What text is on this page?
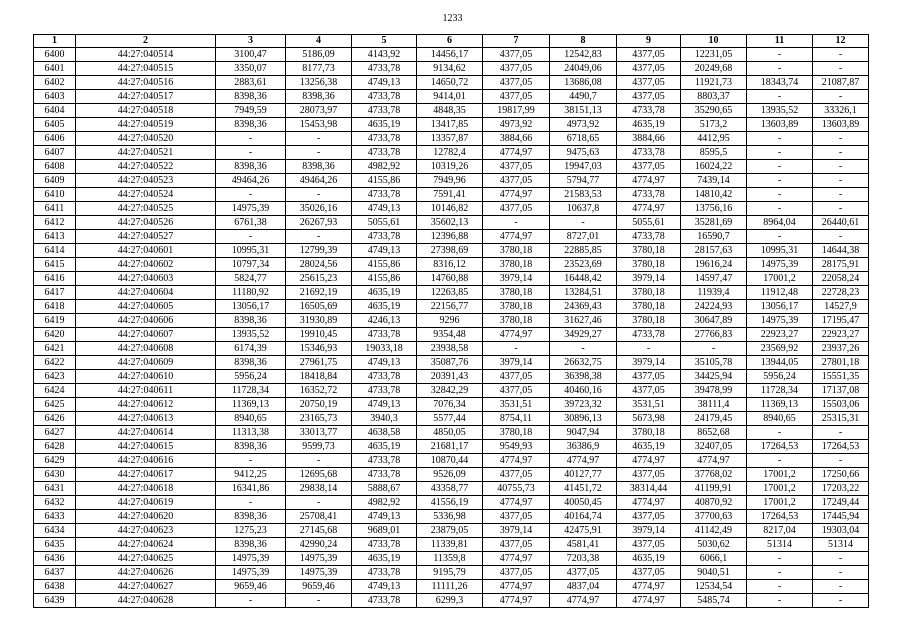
1233
1	2	3	4	5	6	7	8	9	10	11	12
6400	44:27:040514	3100,47	5186,09	4143,92	14456,17	4377,05	12542,83	4377,05	12231,05	-	-
6401	44:27:040515	3350,07	8177,73	4733,78	9134,62	4377,05	24049,06	4377,05	20249,68	-	-
6402	44:27:040516	2883,61	13256,38	4749,13	14650,72	4377,05	13686,08	4377,05	11921,73	18343,74	21087,87
6403	44:27:040517	8398,36	8398,36	4733,78	9414,01	4377,05	4490,7	4377,05	8803,37	-	-
6404	44:27:040518	7949,59	28073,97	4733,78	4848,35	19817,99	38151,13	4733,78	35290,65	13935,52	33326,1
6405	44:27:040519	8398,36	15453,98	4635,19	13417,85	4973,92	4973,92	4635,19	5173,2	13603,89	13603,89
6406	44:27:040520	-	-	4733,78	13357,87	3884,66	6718,65	3884,66	4412,95	-	-
6407	44:27:040521	-	-	4733,78	12782,4	4774,97	9475,63	4733,78	8595,5	-	-
6408	44:27:040522	8398,36	8398,36	4982,92	10319,26	4377,05	19947,03	4377,05	16024,22	-	-
6409	44:27:040523	49464,26	49464,26	4155,86	7949,96	4377,05	5794,77	4774,97	7439,14	-	-
6410	44:27:040524	-	-	4733,78	7591,41	4774,97	21583,53	4733,78	14810,42	-	-
6411	44:27:040525	14975,39	35026,16	4749,13	10146,82	4377,05	10637,8	4774,97	13756,16	-	-
6412	44:27:040526	6761,38	26267,93	5055,61	35602,13	-	-	5055,61	35281,69	8964,04	26440,61
6413	44:27:040527	-	-	4733,78	12396,88	4774,97	8727,01	4733,78	16590,7	-	-
6414	44:27:040601	10995,31	12799,39	4749,13	27398,69	3780,18	22885,85	3780,18	28157,63	10995,31	14644,38
6415	44:27:040602	10797,34	28024,56	4155,86	8316,12	3780,18	23523,69	3780,18	19616,24	14975,39	28175,91
6416	44:27:040603	5824,77	25615,23	4155,86	14760,88	3979,14	16448,42	3979,14	14597,47	17001,2	22058,24
6417	44:27:040604	11180,92	21692,19	4635,19	12263,85	3780,18	13284,51	3780,18	11939,4	11912,48	22728,23
6418	44:27:040605	13056,17	16505,69	4635,19	22156,77	3780,18	24369,43	3780,18	24224,93	13056,17	14527,9
6419	44:27:040606	8398,36	31930,89	4246,13	9296	3780,18	31627,46	3780,18	30647,89	14975,39	17195,47
6420	44:27:040607	13935,52	19910,45	4733,78	9354,48	4774,97	34929,27	4733,78	27766,83	22923,27	22923,27
6421	44:27:040608	6174,39	15346,93	19033,18	23938,58	-	-	-	-	23569,92	23937,26
6422	44:27:040609	8398,36	27961,75	4749,13	35087,76	3979,14	26632,75	3979,14	35105,78	13944,05	27801,18
6423	44:27:040610	5956,24	18418,84	4733,78	20391,43	4377,05	36398,38	4377,05	34425,94	5956,24	15551,35
6424	44:27:040611	11728,34	16352,72	4733,78	32842,29	4377,05	40460,16	4377,05	39478,99	11728,34	17137,08
6425	44:27:040612	11369,13	20750,19	4749,13	7076,34	3531,51	39723,32	3531,51	38111,4	11369,13	15503,06
6426	44:27:040613	8940,65	23165,73	3940,3	5577,44	8754,11	30896,13	5673,98	24179,45	8940,65	25315,31
6427	44:27:040614	11313,38	33013,77	4638,58	4850,05	3780,18	9047,94	3780,18	8652,68	-	-
6428	44:27:040615	8398,36	9599,73	4635,19	21681,17	9549,93	36386,9	4635,19	32407,05	17264,53	17264,53
6429	44:27:040616	-	-	4733,78	10870,44	4774,97	4774,97	4774,97	4774,97	-	-
6430	44:27:040617	9412,25	12695,68	4733,78	9526,09	4377,05	40127,77	4377,05	37768,02	17001,2	17250,66
6431	44:27:040618	16341,86	29838,14	5888,67	43358,77	40755,73	41451,72	38314,44	41199,91	17001,2	17203,22
6432	44:27:040619	-	-	4982,92	41556,19	4774,97	40050,45	4774,97	40870,92	17001,2	17249,44
6433	44:27:040620	8398,36	25708,41	4749,13	5336,98	4377,05	40164,74	4377,05	37700,63	17264,53	17445,94
6434	44:27:040623	1275,23	27145,68	9689,01	23879,05	3979,14	42475,91	3979,14	41142,49	8217,04	19303,04
6435	44:27:040624	8398,36	42990,24	4733,78	11339,81	4377,05	4581,41	4377,05	5030,62	51314	51314
6436	44:27:040625	14975,39	14975,39	4635,19	11359,8	4774,97	7203,38	4635,19	6066,1	-	-
6437	44:27:040626	14975,39	14975,39	4733,78	9195,79	4377,05	4377,05	4377,05	9040,51	-	-
6438	44:27:040627	9659,46	9659,46	4749,13	11111,26	4774,97	4837,04	4774,97	12534,54	-	-
6439	44:27:040628	-	-	4733,78	6299,3	4774,97	4774,97	4774,97	5485,74	-	-
